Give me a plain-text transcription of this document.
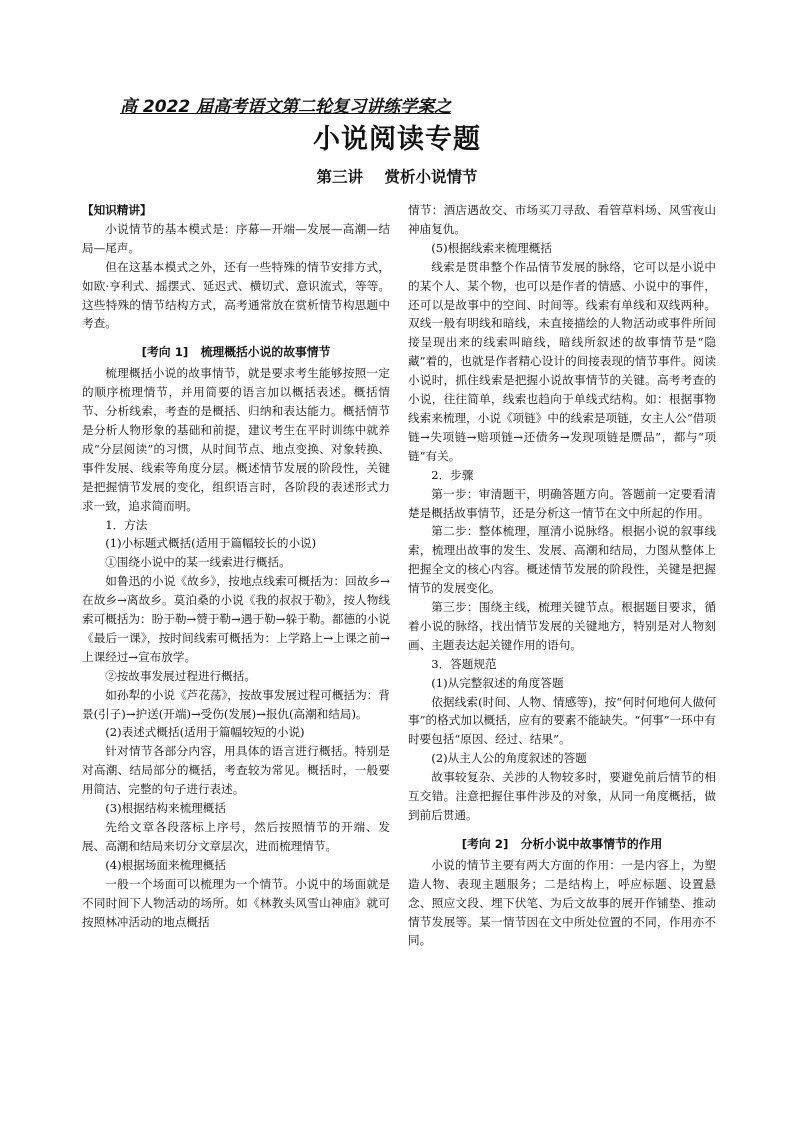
高 2022 届高考语文第二轮复习讲练学案之
小说阅读专题
第三讲    赏析小说情节

【知识精讲】

小说情节的基本模式是：序幕—开端—发展—高潮—结局—尾声。

但在这基本模式之外，还有一些特殊的情节安排方式，如欧·亨利式、摇摆式、延迟式、横切式、意识流式，等等。这些特殊的情节结构方式，高考通常放在赏析情节构思题中考查。

[考向 1]   梳理概括小说的故事情节

梳理概括小说的故事情节，就是要求考生能够按照一定的顺序梳理情节，并用简要的语言加以概括表述。概括情节、分析线索，考查的是概括、归纳和表达能力。概括情节是分析人物形象的基础和前提，建议考生在平时训练中就养成“分层阅读”的习惯，从时间节点、地点变换、对象转换、事件发展、线索等角度分层。概述情节发展的阶段性，关键是把握情节发展的变化，组织语言时，各阶段的表述形式力求一致，追求简而明。

1．方法

(1)小标题式概括(适用于篇幅较长的小说)

①围绕小说中的某一线索进行概括。

如鲁迅的小说《故乡》，按地点线索可概括为：回故乡→在故乡→离故乡。莫泊桑的小说《我的叔叔于勒》，按人物线索可概括为：盼于勒→赞于勒→遇于勒→躲于勒。都德的小说《最后一课》，按时间线索可概括为：上学路上→上课之前→上课经过→宣布放学。

②按故事发展过程进行概括。

如孙犁的小说《芦花荡》，按故事发展过程可概括为：背景(引子)→护送(开端)→受伤(发展)→报仇(高潮和结局)。

(2)表述式概括(适用于篇幅较短的小说)

针对情节各部分内容，用具体的语言进行概括。特别是对高潮、结局部分的概括，考查较为常见。概括时，一般要用简洁、完整的句子进行表述。

(3)根据结构来梳理概括

先给文章各段落标上序号，然后按照情节的开端、发展、高潮和结局来切分文章层次，进而梳理情节。

(4)根据场面来梳理概括

一般一个场面可以梳理为一个情节。小说中的场面就是不同时间下人物活动的场所。如《林教头风雪山神庙》就可按照林冲活动的地点概括

情节：酒店遇故交、市场买刀寻敌、看管草料场、风雪夜山神庙复仇。

(5)根据线索来梳理概括

线索是贯串整个作品情节发展的脉络，它可以是小说中的某个人、某个物，也可以是作者的情感、小说中的事件，还可以是故事中的空间、时间等。线索有单线和双线两种。双线一般有明线和暗线，未直接描绘的人物活动或事件所间接呈现出来的线索叫暗线，暗线所叙述的故事情节是“隐藏”着的，也就是作者精心设计的间接表现的情节事件。阅读小说时，抓住线索是把握小说故事情节的关键。高考考查的小说，往往简单，线索也趋向于单线式结构。如：根据事物线索来梳理，小说《项链》中的线索是项链，女主人公“借项链→失项链→赔项链→还债务→发现项链是赝品”，都与“项链”有关。

2．步骤

第一步：审清题干，明确答题方向。答题前一定要看清楚是概括故事情节，还是分析这一情节在文中所起的作用。

第二步：整体梳理，厘清小说脉络。根据小说的叙事线索，梳理出故事的发生、发展、高潮和结局，力图从整体上把握全文的核心内容。概述情节发展的阶段性，关键是把握情节的发展变化。

第三步：围绕主线，梳理关键节点。根据题目要求，循着小说的脉络，找出情节发展的关键地方，特别是对人物刻画、主题表达起关键作用的语句。

3．答题规范

(1)从完整叙述的角度答题

依据线索(时间、人物、情感等)，按“何时何地何人做何事”的格式加以概括，应有的要素不能缺失。“何事”一环中有时要包括“原因、经过、结果”。

(2)从主人公的角度叙述的答题

故事较复杂、关涉的人物较多时，要避免前后情节的相互交错。注意把握住事件涉及的对象，从同一角度概括，做到前后贯通。

[考向 2]   分析小说中故事情节的作用

小说的情节主要有两大方面的作用：一是内容上，为塑造人物、表现主题服务；二是结构上，呼应标题、设置悬念、照应文段、埋下伏笔、为后文故事的展开作铺垫、推动情节发展等。某一情节因在文中所处位置的不同，作用亦不同。
